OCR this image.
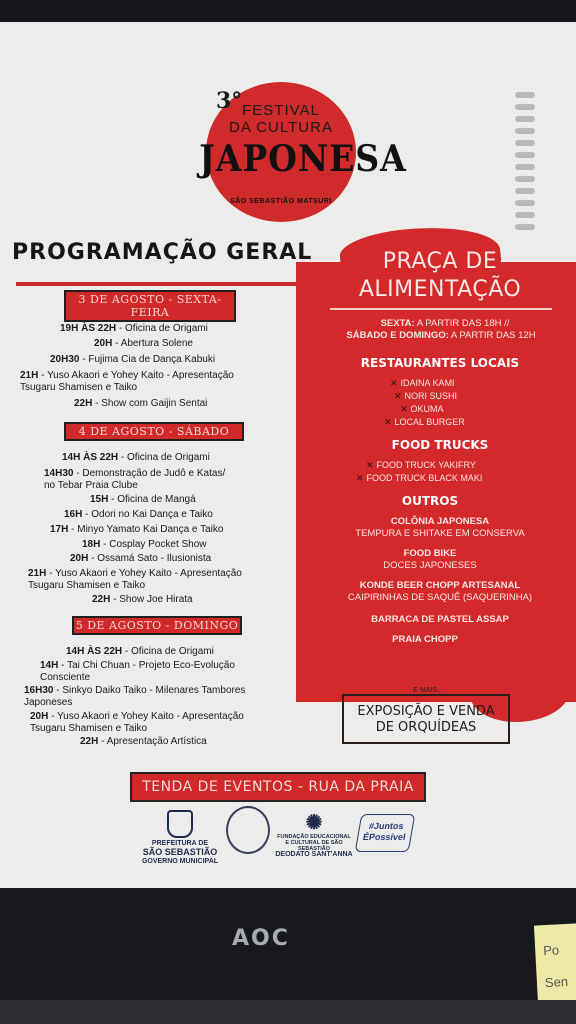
3° FESTIVAL
DA CULTURA
JAPONESA
SÃO SEBASTIÃO MATSURI
PROGRAMAÇÃO GERAL
3 DE AGOSTO - SEXTA-FEIRA
19H ÀS 22H - Oficina de Origami
20H - Abertura Solene
20H30 - Fujima Cia de Dança Kabuki
21H - Yuso Akaori e Yohey Kaito - Apresentação
Tsugaru Shamisen e Taiko
22H - Show com Gaijin Sentai
4 DE AGOSTO - SÁBADO
14H ÀS 22H - Oficina de Origami
14H30 - Demonstração de Judô e Katas/
no Tebar Praia Clube
15H - Oficina de Mangá
16H - Odori no Kai Dança e Taiko
17H - Minyo Yamato Kai Dança e Taiko
18H - Cosplay Pocket Show
20H - Ossamá Sato - Ilusionista
21H - Yuso Akaori e Yohey Kaito - Apresentação
Tsugaru Shamisen e Taiko
22H - Show Joe Hirata
5 DE AGOSTO - DOMINGO
14H ÀS 22H - Oficina de Origami
14H - Tai Chi Chuan - Projeto Eco-Evolução
Consciente
16H30 - Sinkyo Daiko Taiko - Milenares Tambores
Japoneses
20H - Yuso Akaori e Yohey Kaito - Apresentação
Tsugaru Shamisen e Taiko
22H - Apresentação Artística
PRAÇA DE
ALIMENTAÇÃO
SEXTA: A PARTIR DAS 18H //
SÁBADO E DOMINGO: A PARTIR DAS 12H
RESTAURANTES LOCAIS
✕ IDAINA KAMI
✕ NORI SUSHI
✕ OKUMA
✕ LOCAL BURGER
FOOD TRUCKS
✕ FOOD TRUCK YAKIFRY
✕ FOOD TRUCK BLACK MAKI
OUTROS
COLÔNIA JAPONESA
TEMPURA E SHITAKE EM CONSERVA
FOOD BIKE
DOCES JAPONESES
KONDE BEER CHOPP ARTESANAL
CAIPIRINHAS DE SAQUÊ (SAQUERINHA)
BARRACA DE PASTEL ASSAP
PRAIA CHOPP
E MAIS...
EXPOSIÇÃO E VENDA
DE ORQUÍDEAS
TENDA DE EVENTOS - RUA DA PRAIA
PREFEITURA DE
SÃO SEBASTIÃO
GOVERNO MUNICIPAL
✺
FUNDAÇÃO EDUCACIONAL
E CULTURAL DE SÃO SEBASTIÃO
DEODATO SANT'ANNA
#Juntos
ÉPossível
AOC	Po
Sen
